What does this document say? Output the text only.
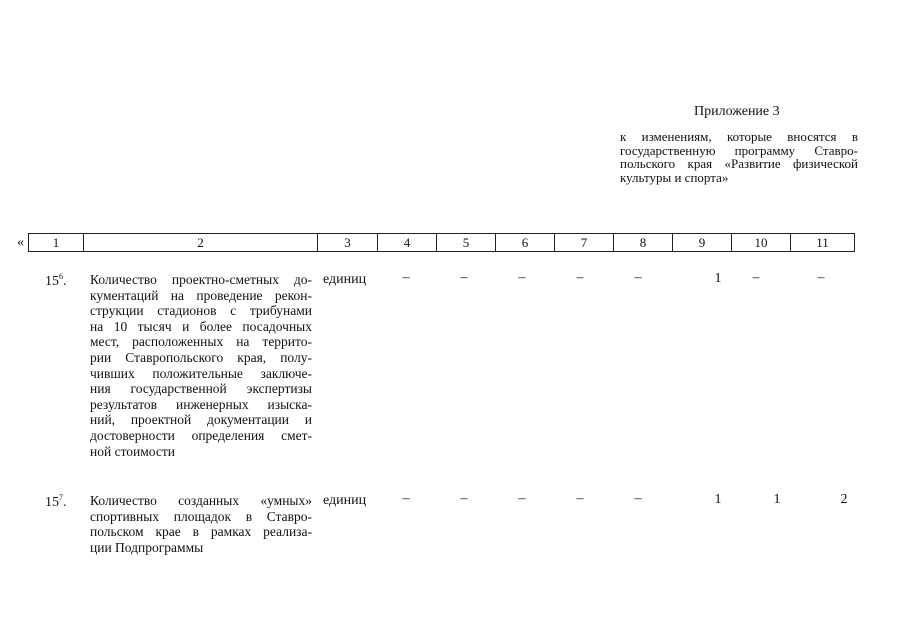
Приложение 3
к изменениям, которые вносятся в
государственную программу Ставро-
польского края «Развитие физической
культуры и спорта»
« 1	2	3	4	5	6	7	8	9	10	11
$15^6$. Количество проектно-сметных до-
кументаций на проведение рекон-
струкции стадионов с трибунами
на 10 тысяч и более посадочных
мест, расположенных на террито-
рии Ставропольского края, полу-
чивших положительные заключе-
ния государственной экспертизы
результатов инженерных изыска-
ний, проектной документации и
достоверности определения смет-
ной стоимости
единиц	–	–	–	–	–	1	–	–
$15^7$. Количество созданных «умных»
спортивных площадок в Ставро-
польском крае в рамках реализа-
ции Подпрограммы
единиц	–	–	–	–	–	1	1	2
